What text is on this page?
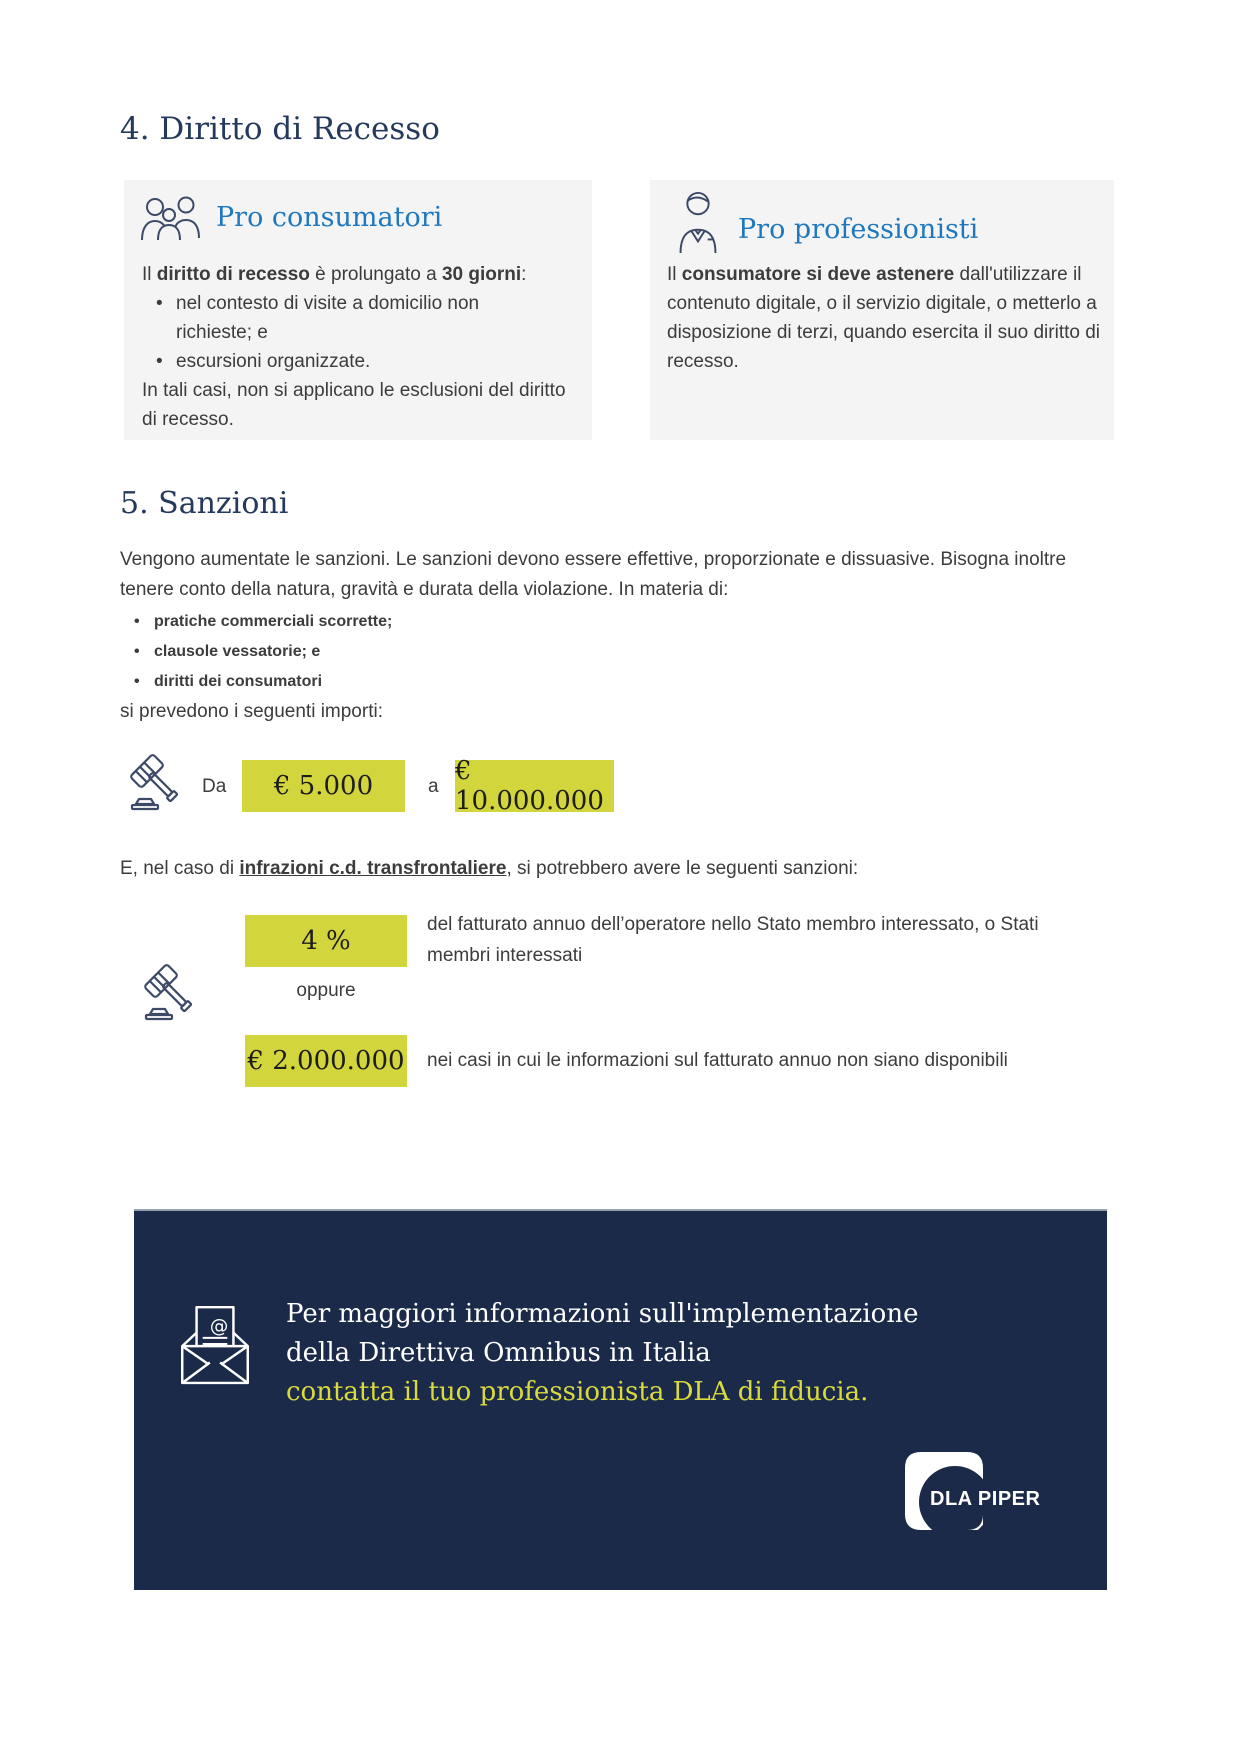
4. Diritto di Recesso
Pro consumatori
Il diritto di recesso è prolungato a 30 giorni:
• nel contesto di visite a domicilio non richieste; e
• escursioni organizzate.
In tali casi, non si applicano le esclusioni del diritto di recesso.
Pro professionisti
Il consumatore si deve astenere dall'utilizzare il contenuto digitale, o il servizio digitale, o metterlo a disposizione di terzi, quando esercita il suo diritto di recesso.
5. Sanzioni
Vengono aumentate le sanzioni. Le sanzioni devono essere effettive, proporzionate e dissuasive. Bisogna inoltre tenere conto della natura, gravità e durata della violazione. In materia di:
• pratiche commerciali scorrette;
• clausole vessatorie; e
• diritti dei consumatori
si prevedono i seguenti importi:
Da	€ 5.000	a
€ 10.000.000
E, nel caso di infrazioni c.d. transfrontaliere, si potrebbero avere le seguenti sanzioni:
4 %
del fatturato annuo dell’operatore nello Stato membro interessato, o Stati membri interessati
oppure
€ 2.000.000 nei casi in cui le informazioni sul fatturato annuo non siano disponibili
@ Per maggiori informazioni sull'implementazione
della Direttiva Omnibus in Italia
contatta il tuo professionista DLA di fiducia.
DLA PIPER
